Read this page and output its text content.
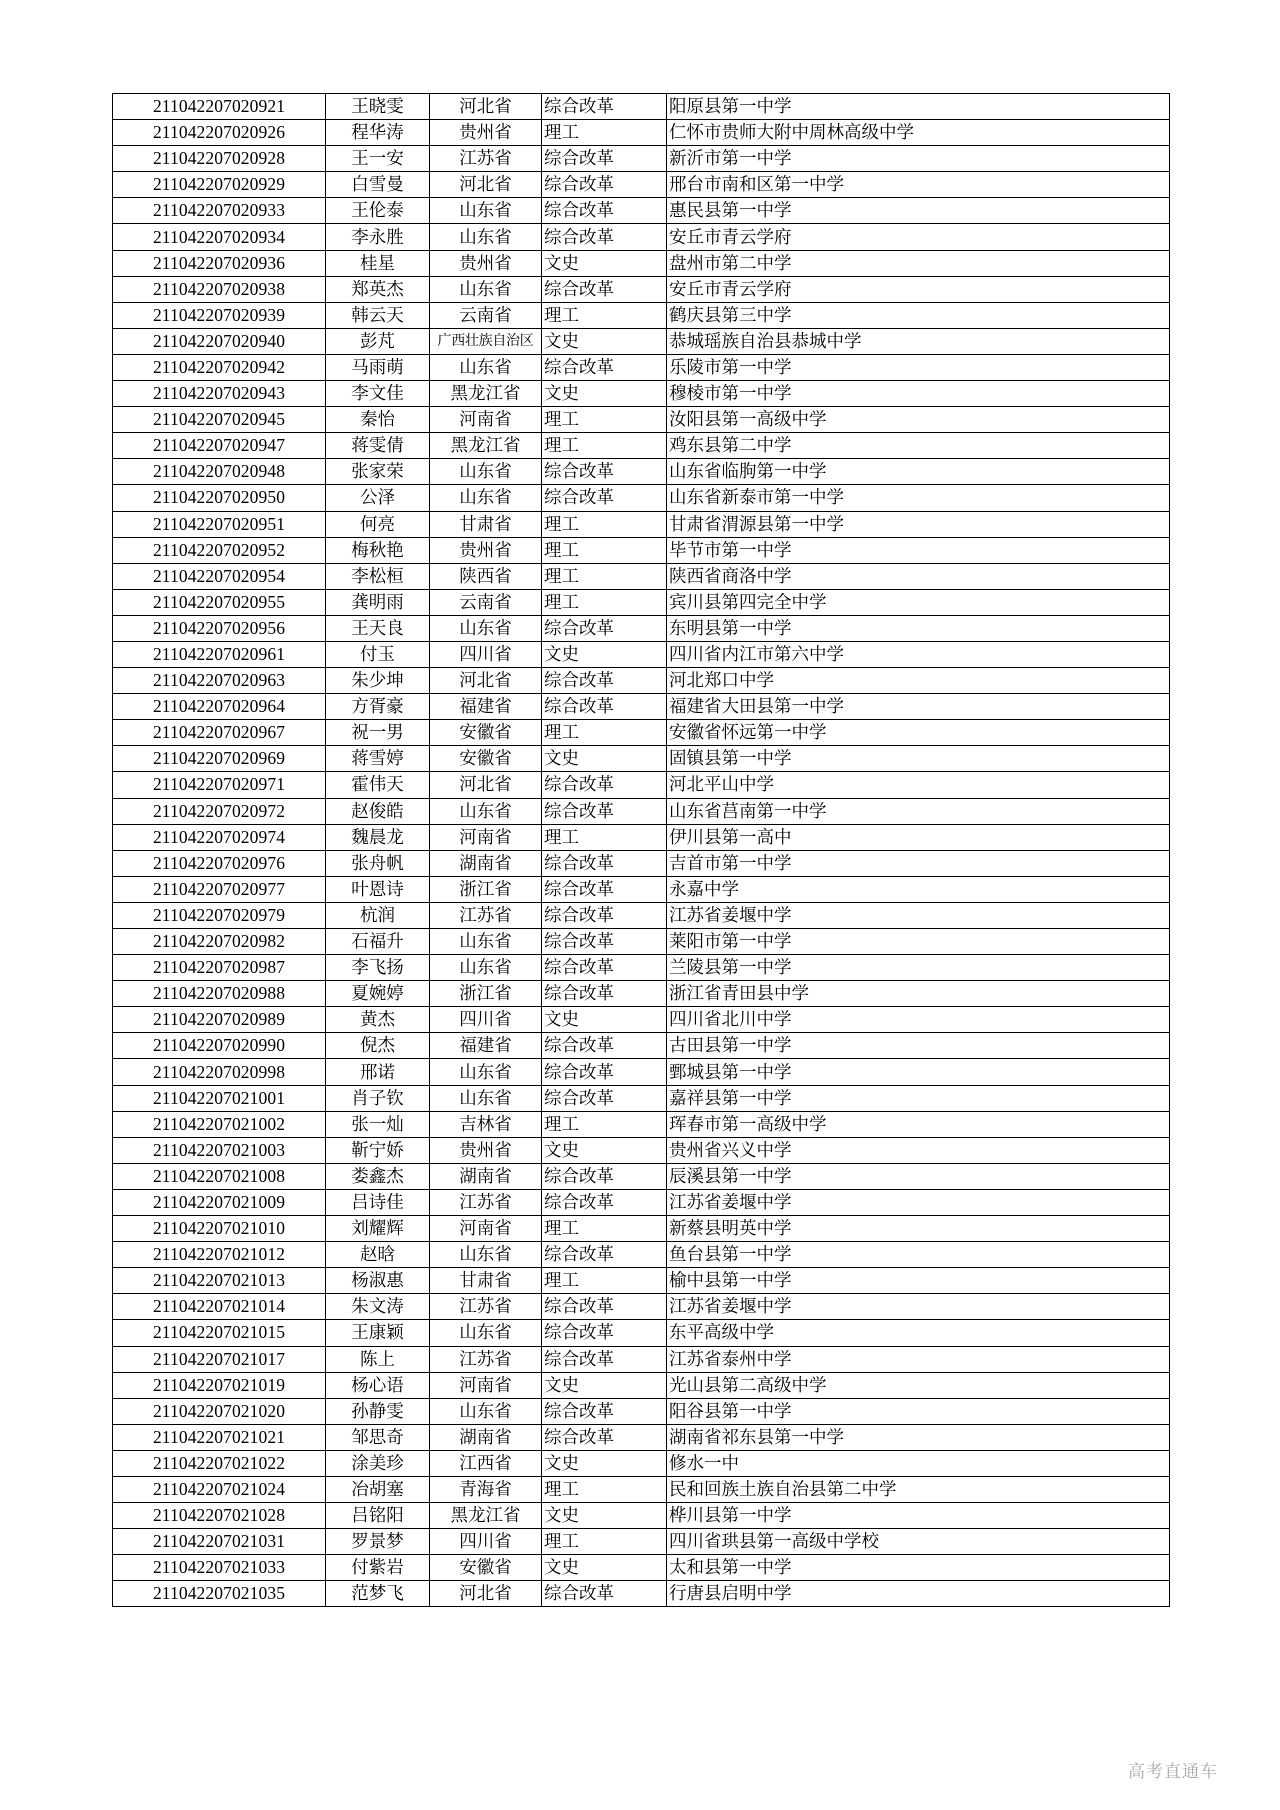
211042207020921	王晓雯	河北省	综合改革	阳原县第一中学
211042207020926	程华涛	贵州省	理工	仁怀市贵师大附中周林高级中学
211042207020928	王一安	江苏省	综合改革	新沂市第一中学
211042207020929	白雪曼	河北省	综合改革	邢台市南和区第一中学
211042207020933	王伦泰	山东省	综合改革	惠民县第一中学
211042207020934	李永胜	山东省	综合改革	安丘市青云学府
211042207020936	桂星	贵州省	文史	盘州市第二中学
211042207020938	郑英杰	山东省	综合改革	安丘市青云学府
211042207020939	韩云天	云南省	理工	鹤庆县第三中学
211042207020940	彭芃	广西壮族自治区	文史	恭城瑶族自治县恭城中学
211042207020942	马雨萌	山东省	综合改革	乐陵市第一中学
211042207020943	李文佳	黑龙江省	文史	穆棱市第一中学
211042207020945	秦怡	河南省	理工	汝阳县第一高级中学
211042207020947	蒋雯倩	黑龙江省	理工	鸡东县第二中学
211042207020948	张家荣	山东省	综合改革	山东省临朐第一中学
211042207020950	公泽	山东省	综合改革	山东省新泰市第一中学
211042207020951	何亮	甘肃省	理工	甘肃省渭源县第一中学
211042207020952	梅秋艳	贵州省	理工	毕节市第一中学
211042207020954	李松桓	陕西省	理工	陕西省商洛中学
211042207020955	龚明雨	云南省	理工	宾川县第四完全中学
211042207020956	王天良	山东省	综合改革	东明县第一中学
211042207020961	付玉	四川省	文史	四川省内江市第六中学
211042207020963	朱少坤	河北省	综合改革	河北郑口中学
211042207020964	方胥豪	福建省	综合改革	福建省大田县第一中学
211042207020967	祝一男	安徽省	理工	安徽省怀远第一中学
211042207020969	蒋雪婷	安徽省	文史	固镇县第一中学
211042207020971	霍伟天	河北省	综合改革	河北平山中学
211042207020972	赵俊皓	山东省	综合改革	山东省莒南第一中学
211042207020974	魏晨龙	河南省	理工	伊川县第一高中
211042207020976	张舟帆	湖南省	综合改革	吉首市第一中学
211042207020977	叶恩诗	浙江省	综合改革	永嘉中学
211042207020979	杭润	江苏省	综合改革	江苏省姜堰中学
211042207020982	石福升	山东省	综合改革	莱阳市第一中学
211042207020987	李飞扬	山东省	综合改革	兰陵县第一中学
211042207020988	夏婉婷	浙江省	综合改革	浙江省青田县中学
211042207020989	黄杰	四川省	文史	四川省北川中学
211042207020990	倪杰	福建省	综合改革	古田县第一中学
211042207020998	邢诺	山东省	综合改革	鄄城县第一中学
211042207021001	肖子钦	山东省	综合改革	嘉祥县第一中学
211042207021002	张一灿	吉林省	理工	珲春市第一高级中学
211042207021003	靳宁娇	贵州省	文史	贵州省兴义中学
211042207021008	娄鑫杰	湖南省	综合改革	辰溪县第一中学
211042207021009	吕诗佳	江苏省	综合改革	江苏省姜堰中学
211042207021010	刘耀辉	河南省	理工	新蔡县明英中学
211042207021012	赵晗	山东省	综合改革	鱼台县第一中学
211042207021013	杨淑惠	甘肃省	理工	榆中县第一中学
211042207021014	朱文涛	江苏省	综合改革	江苏省姜堰中学
211042207021015	王康颖	山东省	综合改革	东平高级中学
211042207021017	陈上	江苏省	综合改革	江苏省泰州中学
211042207021019	杨心语	河南省	文史	光山县第二高级中学
211042207021020	孙静雯	山东省	综合改革	阳谷县第一中学
211042207021021	邹思奇	湖南省	综合改革	湖南省祁东县第一中学
211042207021022	涂美珍	江西省	文史	修水一中
211042207021024	冶胡塞	青海省	理工	民和回族土族自治县第二中学
211042207021028	吕铭阳	黑龙江省	文史	桦川县第一中学
211042207021031	罗景梦	四川省	理工	四川省珙县第一高级中学校
211042207021033	付紫岩	安徽省	文史	太和县第一中学
211042207021035	范梦飞	河北省	综合改革	行唐县启明中学
高考直通车
